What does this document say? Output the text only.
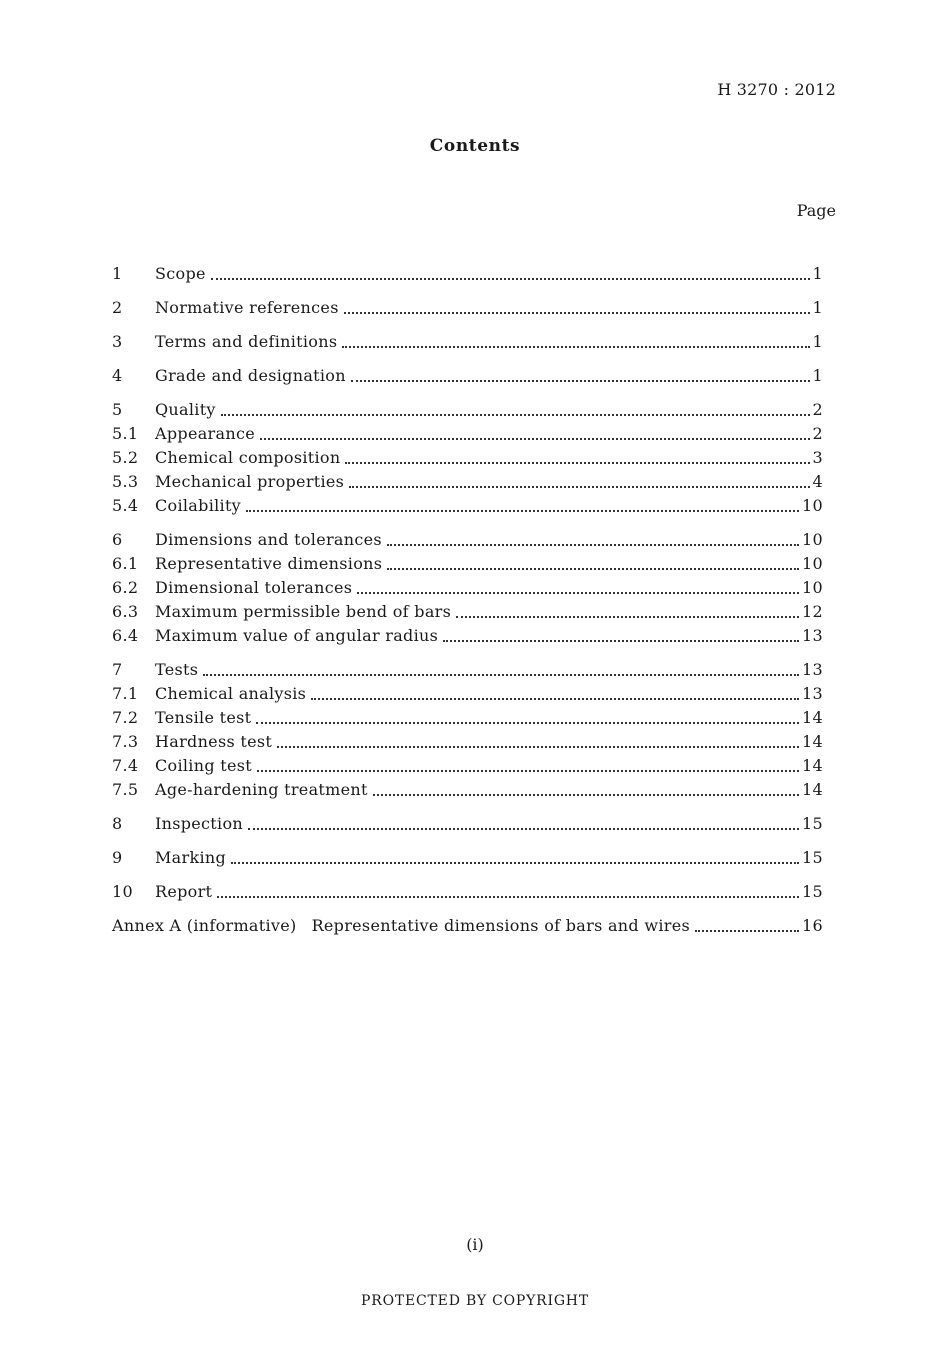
H 3270 : 2012
Contents
Page
1	Scope	1
2	Normative references	1
3	Terms and definitions	1
4	Grade and designation	1
5	Quality	2
5.1	Appearance	2
5.2	Chemical composition	3
5.3	Mechanical properties	4
5.4	Coilability	10
6	Dimensions and tolerances	10
6.1	Representative dimensions	10
6.2	Dimensional tolerances	10
6.3	Maximum permissible bend of bars	12
6.4	Maximum value of angular radius	13
7	Tests	13
7.1	Chemical analysis	13
7.2	Tensile test	14
7.3	Hardness test	14
7.4	Coiling test	14
7.5	Age-hardening treatment	14
8	Inspection	15
9	Marking	15
10	Report	15
Annex A (informative) Representative dimensions of bars and wires	16
(i)
PROTECTED BY COPYRIGHT
